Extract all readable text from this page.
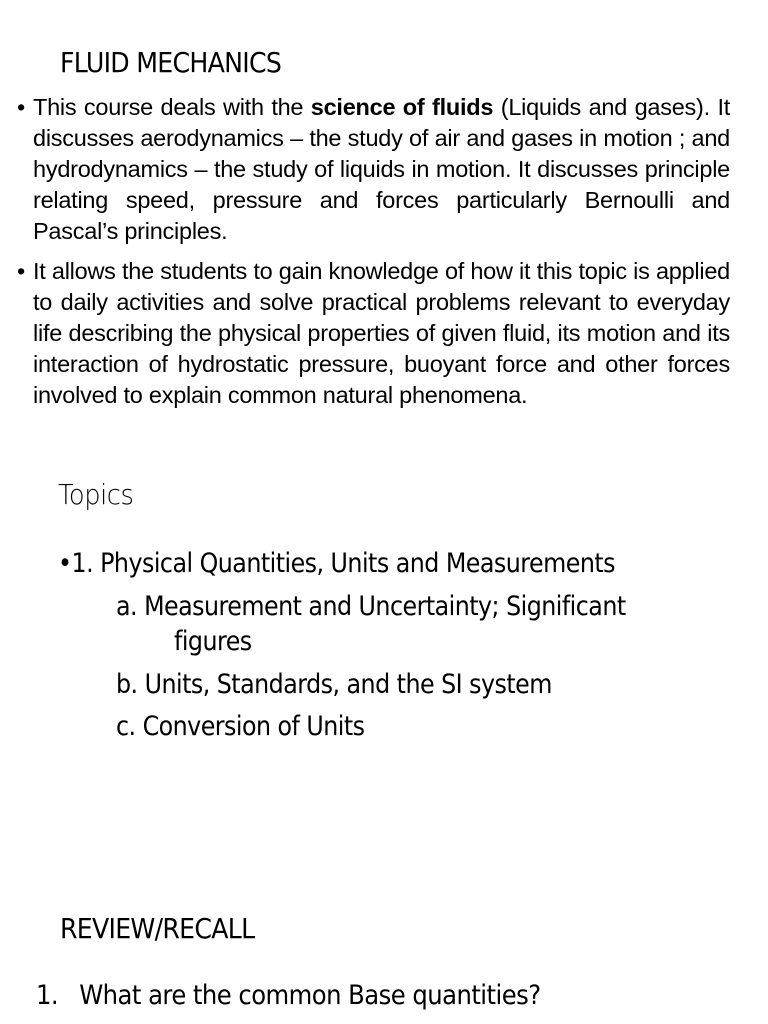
FLUID MECHANICS
• This course deals with the science of fluids (Liquids and gases). It discusses aerodynamics – the study of air and gases in motion ; and hydrodynamics – the study of liquids in motion. It discusses principle relating speed, pressure and forces particularly Bernoulli and Pascal’s principles.
• It allows the students to gain knowledge of how it this topic is applied to daily activities and solve practical problems relevant to everyday life describing the physical properties of given fluid, its motion and its interaction of hydrostatic pressure, buoyant force and other forces involved to explain common natural phenomena.
Topics
•1. Physical Quantities, Units and Measurements
a. Measurement and Uncertainty; Significant
figures
b. Units, Standards, and the SI system
c. Conversion of Units
REVIEW/RECALL
1. What are the common Base quantities?
